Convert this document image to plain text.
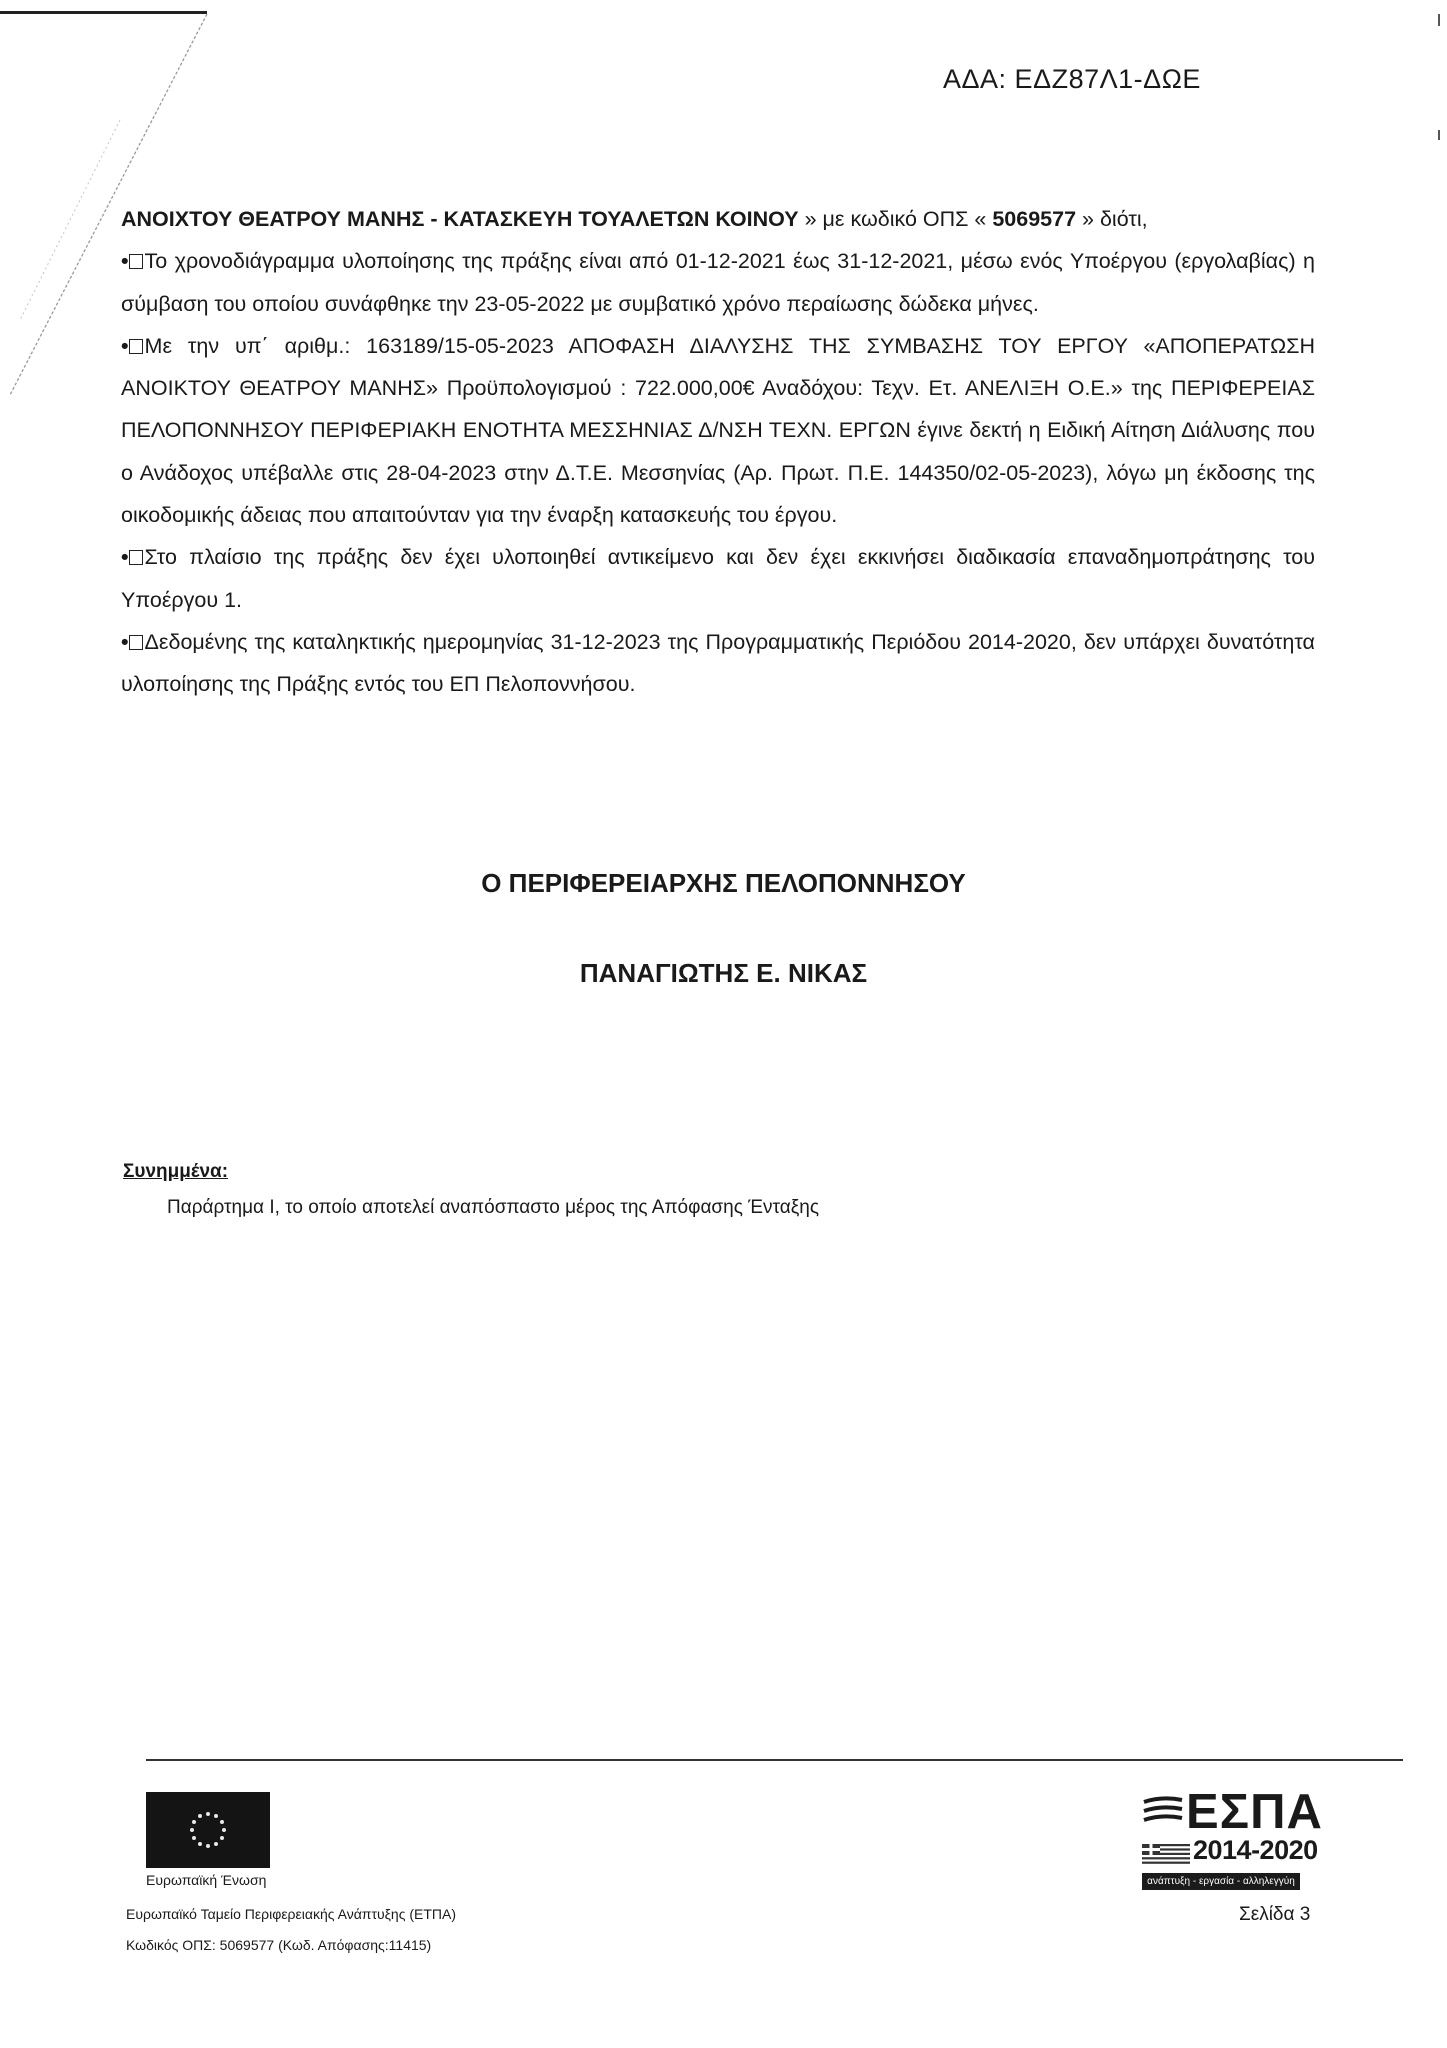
ΑΔΑ: ΕΔΖ87Λ1-ΔΩΕ

ΑΝΟΙΧΤΟΥ ΘΕΑΤΡΟΥ ΜΑΝΗΣ - ΚΑΤΑΣΚΕΥΗ ΤΟΥΑΛΕΤΩΝ ΚΟΙΝΟΥ » με κωδικό ΟΠΣ « 5069577 » διότι,

• Το χρονοδιάγραμμα υλοποίησης της πράξης είναι από 01-12-2021 έως 31-12-2021, μέσω ενός Υποέργου (εργολαβίας) η σύμβαση του οποίου συνάφθηκε την 23-05-2022 με συμβατικό χρόνο περαίωσης δώδεκα μήνες.

• Με την υπ΄ αριθμ.: 163189/15-05-2023 ΑΠΟΦΑΣΗ ΔΙΑΛΥΣΗΣ ΤΗΣ ΣΥΜΒΑΣΗΣ ΤΟΥ ΕΡΓΟΥ «ΑΠΟΠΕΡΑΤΩΣΗ ΑΝΟΙΚΤΟΥ ΘΕΑΤΡΟΥ ΜΑΝΗΣ» Προϋπολογισμού : 722.000,00€ Αναδόχου: Τεχν. Ετ. ΑΝΕΛΙΞΗ Ο.Ε.» της ΠΕΡΙΦΕΡΕΙΑΣ ΠΕΛΟΠΟΝΝΗΣΟΥ ΠΕΡΙΦΕΡΙΑΚΗ ΕΝΟΤΗΤΑ ΜΕΣΣΗΝΙΑΣ Δ/ΝΣΗ ΤΕΧΝ. ΕΡΓΩΝ έγινε δεκτή η Ειδική Αίτηση Διάλυσης που ο Ανάδοχος υπέβαλλε στις 28-04-2023 στην Δ.Τ.Ε. Μεσσηνίας (Αρ. Πρωτ. Π.Ε. 144350/02-05-2023), λόγω μη έκδοσης της οικοδομικής άδειας που απαιτούνταν για την έναρξη κατασκευής του έργου.

• Στο πλαίσιο της πράξης δεν έχει υλοποιηθεί αντικείμενο και δεν έχει εκκινήσει διαδικασία επαναδημοπράτησης του Υποέργου 1.

• Δεδομένης της καταληκτικής ημερομηνίας 31-12-2023 της Προγραμματικής Περιόδου 2014-2020, δεν υπάρχει δυνατότητα υλοποίησης της Πράξης εντός του ΕΠ Πελοποννήσου.

Ο ΠΕΡΙΦΕΡΕΙΑΡΧΗΣ ΠΕΛΟΠΟΝΝΗΣΟΥ
ΠΑΝΑΓΙΩΤΗΣ Ε. ΝΙΚΑΣ
Συνημμένα:
Παράρτημα Ι, το οποίο αποτελεί αναπόσπαστο μέρος της Απόφασης Ένταξης
Ευρωπαϊκή Ένωση
Ευρωπαϊκό Ταμείο Περιφερειακής Ανάπτυξης (ΕΤΠΑ)
Κωδικός ΟΠΣ: 5069577 (Κωδ. Απόφασης:11415)
ΕΣΠΑ
2014-2020
ανάπτυξη - εργασία - αλληλεγγύη
Σελίδα 3
